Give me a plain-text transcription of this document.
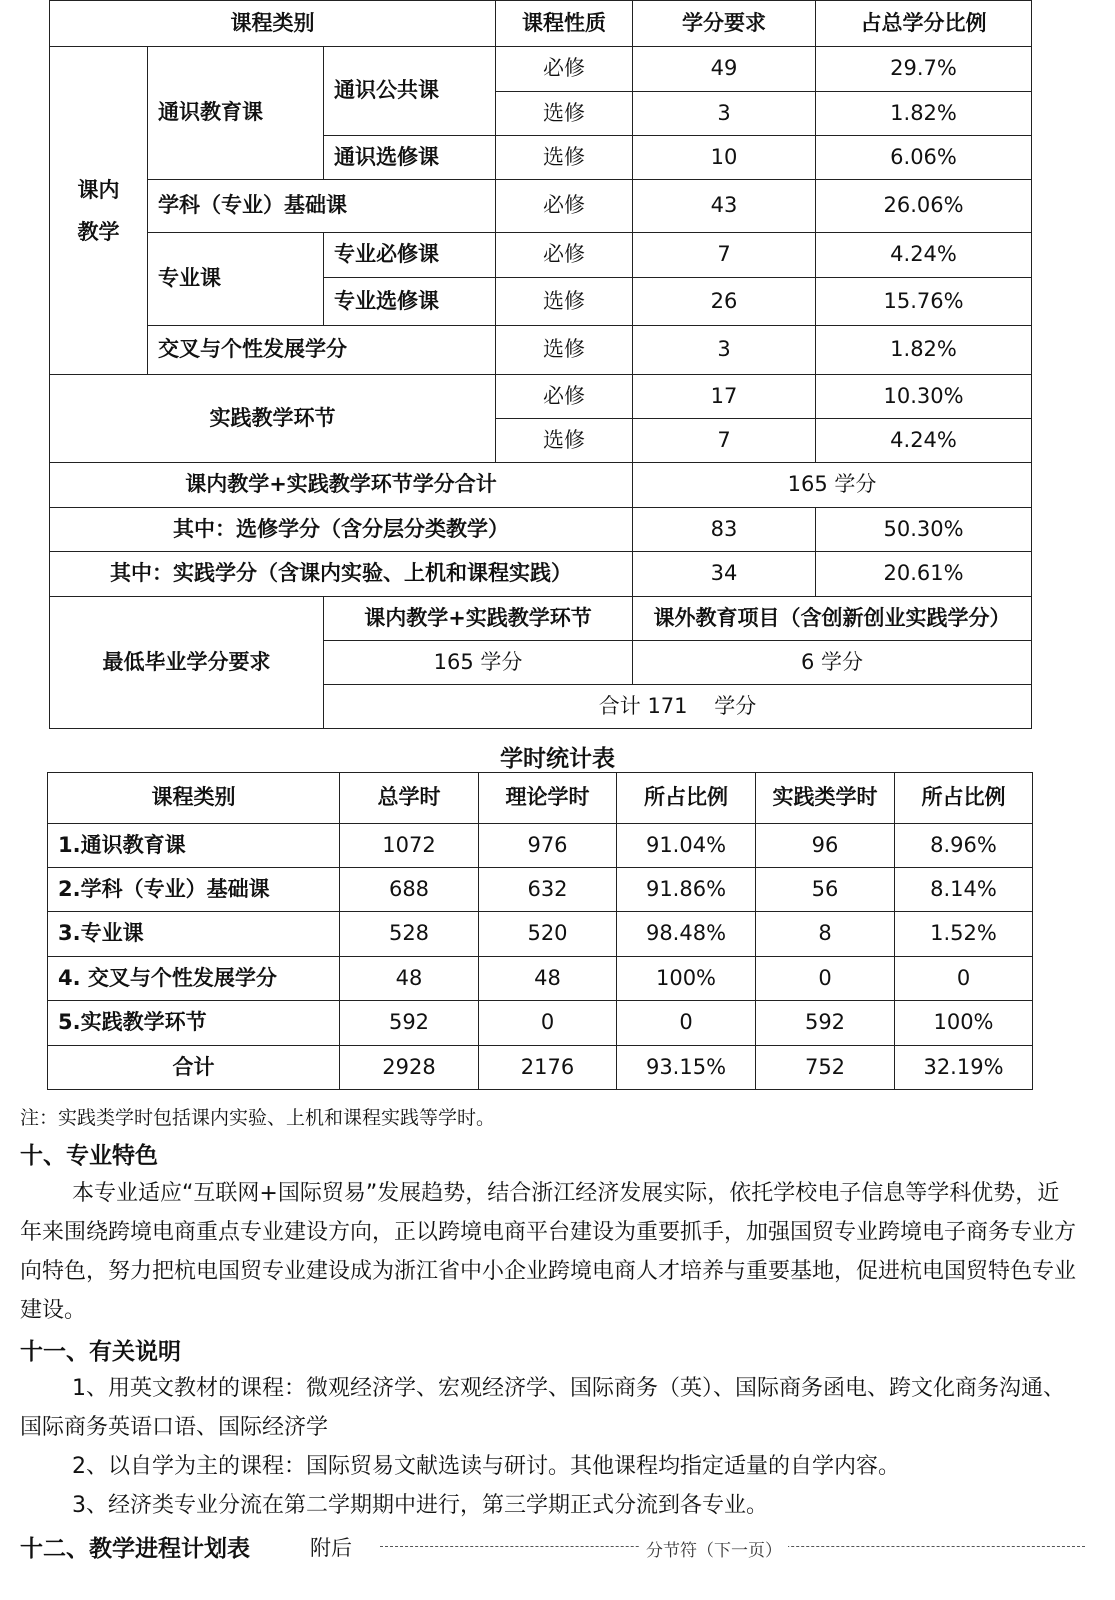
课程类别			课程性质	学分要求	占总学分比例
课内
教学	通识教育课	通识公共课	必修	49	29.7%
			选修	3	1.82%
		通识选修课	选修	10	6.06%
	学科（专业）基础课		必修	43	26.06%
	专业课	专业必修课	必修	7	4.24%
		专业选修课	选修	26	15.76%
	交叉与个性发展学分		选修	3	1.82%
实践教学环节			必修	17	10.30%
			选修	7	4.24%
课内教学+实践教学环节学分合计				165 学分	
其中：选修学分（含分层分类教学）				83	50.30%
其中：实践学分（含课内实验、上机和课程实践）				34	20.61%
最低毕业学分要求		课内教学+实践教学环节		课外教育项目（含创新创业实践学分）	
		165 学分		6 学分	
		合计 171    学分			
学时统计表
课程类别	总学时	理论学时	所占比例	实践类学时	所占比例
1.通识教育课	1072	976	91.04%	96	8.96%
2.学科（专业）基础课	688	632	91.86%	56	8.14%
3.专业课	528	520	98.48%	8	1.52%
4. 交叉与个性发展学分	48	48	100%	0	0
5.实践教学环节	592	0	0	592	100%
合计	2928	2176	93.15%	752	32.19%
注：实践类学时包括课内实验、上机和课程实践等学时。
十、专业特色
本专业适应“互联网+国际贸易”发展趋势，结合浙江经济发展实际，依托学校电子信息等学科优势，近年来围绕跨境电商重点专业建设方向，正以跨境电商平台建设为重要抓手，加强国贸专业跨境电子商务专业方向特色，努力把杭电国贸专业建设成为浙江省中小企业跨境电商人才培养与重要基地，促进杭电国贸特色专业建设。
十一、有关说明
1、用英文教材的课程：微观经济学、宏观经济学、国际商务（英）、国际商务函电、跨文化商务沟通、国际商务英语口语、国际经济学
2、以自学为主的课程：国际贸易文献选读与研讨。其他课程均指定适量的自学内容。
3、经济类专业分流在第二学期期中进行，第三学期正式分流到各专业。
十二、教学进程计划表	附后	分节符（下一页）
